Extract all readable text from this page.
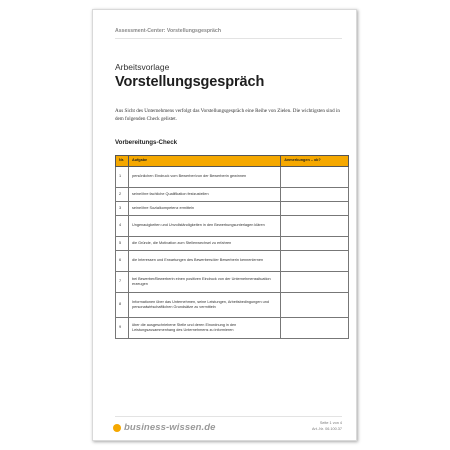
Assessment-Center: Vorstellungsgespräch
Arbeitsvorlage
Vorstellungsgespräch

Aus Sicht des Unternehmens verfolgt das Vorstellungsgespräch eine Reihe von Zielen. Die wichtigsten sind in dem folgenden Check gelistet.

Vorbereitungs-Check
Nr.	Aufgabe	Anmerkungen – ok?
1	persönlichen Eindruck vom Bewerber/von der Bewerberin gewinnen	
2	seine/ihre fachliche Qualifikation festzustellen	
3	seine/ihre Sozialkompetenz ermitteln	
4	Ungenauigkeiten und Unvollständigkeiten in den Bewerbungsunterlagen klären	
5	die Gründe, die Motivation zum Stellenwechsel zu erfahren	
6	die Interessen und Erwartungen des Bewerbers/der Bewerberin kennenlernen	
7	bei Bewerber/Bewerberin einen positiven Eindruck von der Unternehmenssituation erzeugen	
8	Informationen über das Unternehmen, seine Leistungen, Arbeitsbedingungen und personalwirtschaftlichen Grundsätze zu vermitteln	
9	über die ausgeschriebene Stelle und deren Einordnung in den Leistungszusammenhang des Unternehmens zu informieren	
business-wissen.de	Seite 1 von 4
Art.-Nr. 06.100.37
